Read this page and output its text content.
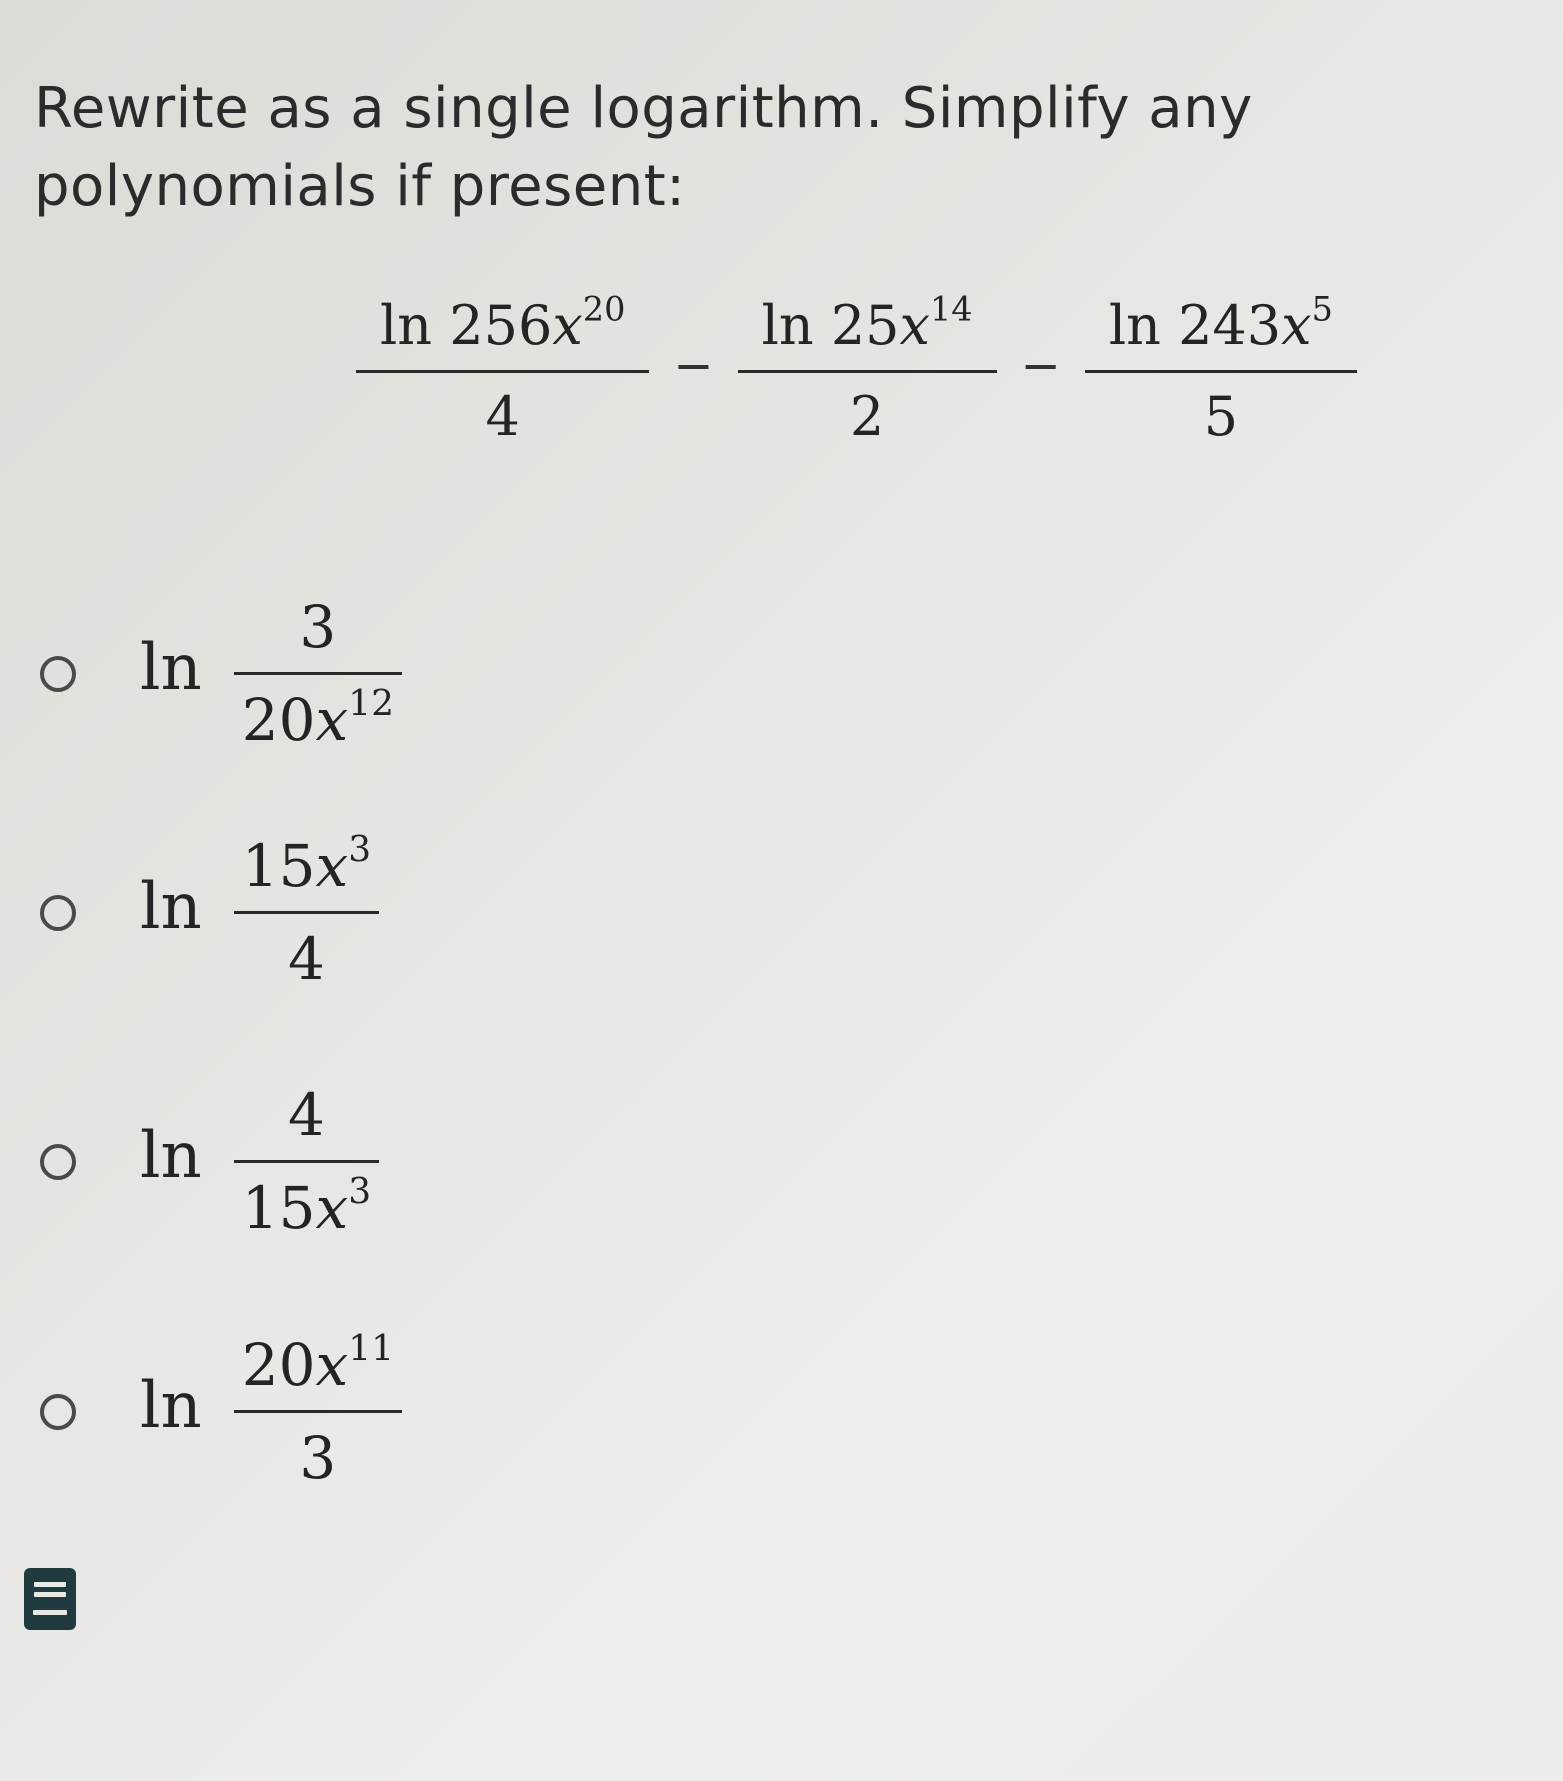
Rewrite as a single logarithm. Simplify any polynomials if present:
$\frac{\ln 256x^{20}}{4} - \frac{\ln 25x^{14}}{2} - \frac{\ln 243x^5}{5}$
$\ln \frac{3}{20x^{12}}$
$\ln \frac{15x^3}{4}$
$\ln \frac{4}{15x^3}$
$\ln \frac{20x^{11}}{3}$
